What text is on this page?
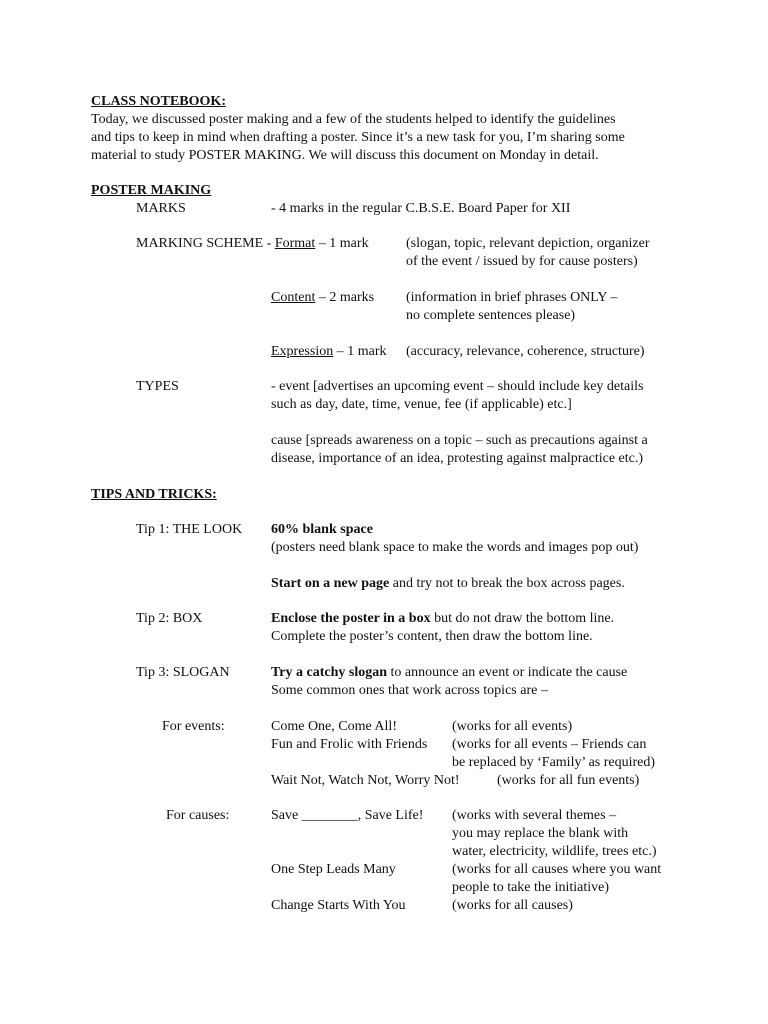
CLASS NOTEBOOK:
Today, we discussed poster making and a few of the students helped to identify the guidelines
and tips to keep in mind when drafting a poster. Since it’s a new task for you, I’m sharing some
material to study POSTER MAKING. We will discuss this document on Monday in detail.
POSTER MAKING
MARKS	- 4 marks in the regular C.B.S.E. Board Paper for XII
MARKING SCHEME - Format – 1 mark	(slogan, topic, relevant depiction, organizer
of the event / issued by for cause posters)
Content – 2 marks (information in brief phrases ONLY –
no complete sentences please)
Expression – 1 mark (accuracy, relevance, coherence, structure)
TYPES	- event [advertises an upcoming event – should include key details
such as day, date, time, venue, fee (if applicable) etc.]
cause [spreads awareness on a topic – such as precautions against a
disease, importance of an idea, protesting against malpractice etc.)
TIPS AND TRICKS:
Tip 1: THE LOOK 60% blank space
(posters need blank space to make the words and images pop out)
Start on a new page and try not to break the box across pages.
Tip 2: BOX	Enclose the poster in a box but do not draw the bottom line.
Complete the poster’s content, then draw the bottom line.
Tip 3: SLOGAN	Try a catchy slogan to announce an event or indicate the cause
Some common ones that work across topics are –
For events:	Come One, Come All!	(works for all events)
Fun and Frolic with Friends (works for all events – Friends can
be replaced by ‘Family’ as required)
Wait Not, Watch Not, Worry Not!	(works for all fun events)
For causes:	Save ________, Save Life! (works with several themes –
you may replace the blank with
water, electricity, wildlife, trees etc.)
One Step Leads Many	(works for all causes where you want
people to take the initiative)
Change Starts With You	(works for all causes)
